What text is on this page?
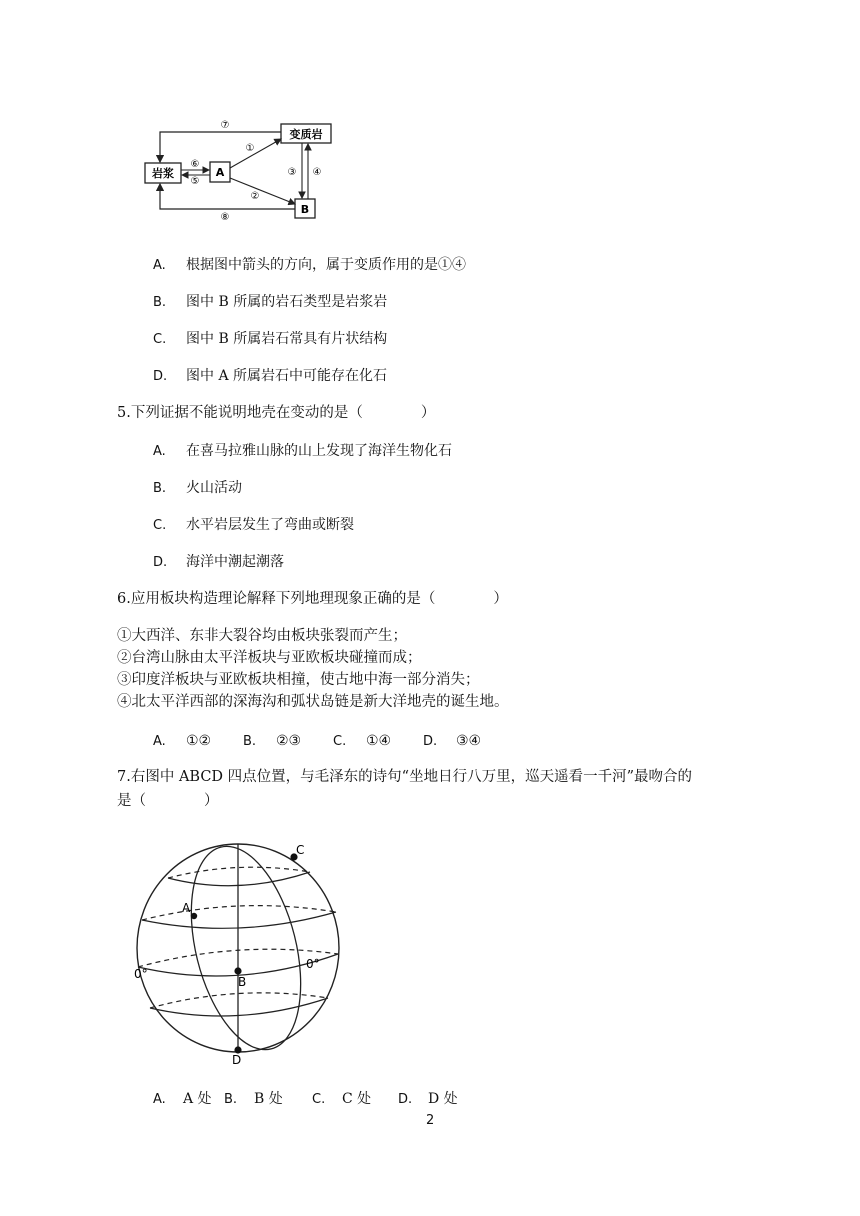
岩浆	A
变质岩
B
⑦
①
⑥
⑤
②
③ ④
⑧
A. 根据图中箭头的方向，属于变质作用的是①④
B. 图中 B 所属的岩石类型是岩浆岩
C. 图中 B 所属岩石常具有片状结构
D. 图中 A 所属岩石中可能存在化石
5.下列证据不能说明地壳在变动的是（　　　　）
A. 在喜马拉雅山脉的山上发现了海洋生物化石
B. 火山活动
C. 水平岩层发生了弯曲或断裂
D. 海洋中潮起潮落
6.应用板块构造理论解释下列地理现象正确的是（　　　　）
①大西洋、东非大裂谷均由板块张裂而产生；
②台湾山脉由太平洋板块与亚欧板块碰撞而成；
③印度洋板块与亚欧板块相撞，使古地中海一部分消失；
④北太平洋西部的深海沟和弧状岛链是新大洋地壳的诞生地。
A. ①② B. ②③ C. ①④ D. ③④
7.右图中 ABCD 四点位置，与毛泽东的诗句“坐地日行八万里，巡天遥看一千河”最吻合的
是（　　　　）
A
B
C
D
0°
0°
A. A 处 B. B 处 C. C 处 D. D 处
2
